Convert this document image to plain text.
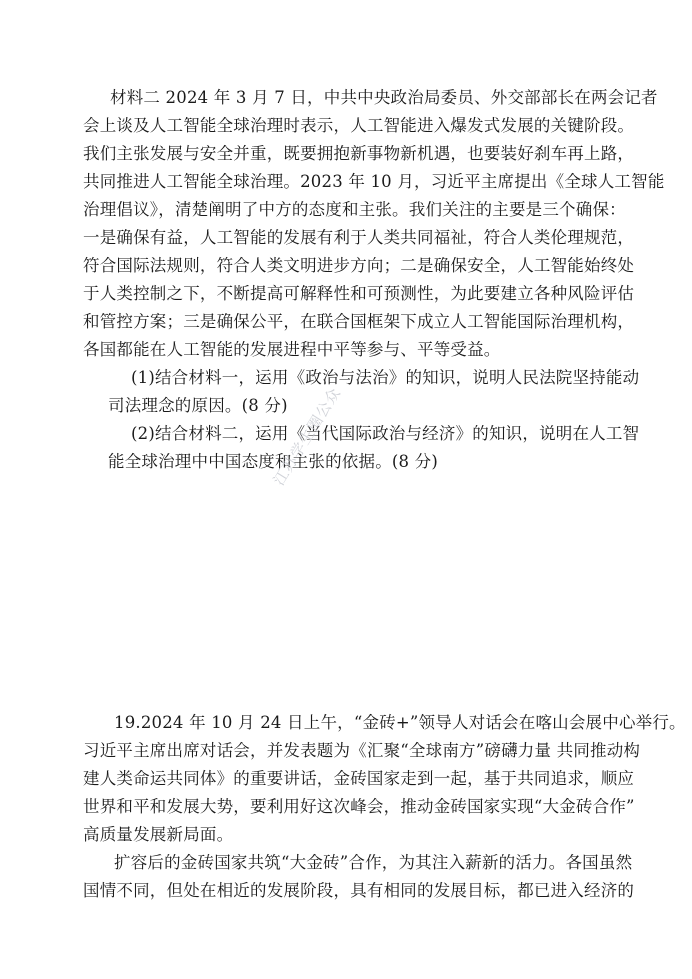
材料二 2024 年 3 月 7 日，中共中央政治局委员、外交部部长在两会记者
会上谈及人工智能全球治理时表示，人工智能进入爆发式发展的关键阶段。
我们主张发展与安全并重，既要拥抱新事物新机遇，也要装好刹车再上路，
共同推进人工智能全球治理。2023 年 10 月，习近平主席提出《全球人工智能
治理倡议》，清楚阐明了中方的态度和主张。我们关注的主要是三个确保：
一是确保有益，人工智能的发展有利于人类共同福祉，符合人类伦理规范，
符合国际法规则，符合人类文明进步方向；二是确保安全，人工智能始终处
于人类控制之下，不断提高可解释性和可预测性，为此要建立各种风险评估
和管控方案；三是确保公平，在联合国框架下成立人工智能国际治理机构，
各国都能在人工智能的发展进程中平等参与、平等受益。
(1)结合材料一，运用《政治与法治》的知识，说明人民法院坚持能动
司法理念的原因。(8 分)
(2)结合材料二，运用《当代国际政治与经济》的知识，说明在人工智
能全球治理中中国态度和主张的依据。(8 分)
江苏学生圈公众
19.2024 年 10 月 24 日上午，“金砖+”领导人对话会在喀山会展中心举行。
习近平主席出席对话会，并发表题为《汇聚“全球南方”磅礴力量 共同推动构
建人类命运共同体》的重要讲话，金砖国家走到一起，基于共同追求，顺应
世界和平和发展大势，要利用好这次峰会，推动金砖国家实现“大金砖合作”
高质量发展新局面。
扩容后的金砖国家共筑“大金砖”合作，为其注入薪新的活力。各国虽然
国情不同，但处在相近的发展阶段，具有相同的发展目标，都已进入经济的
